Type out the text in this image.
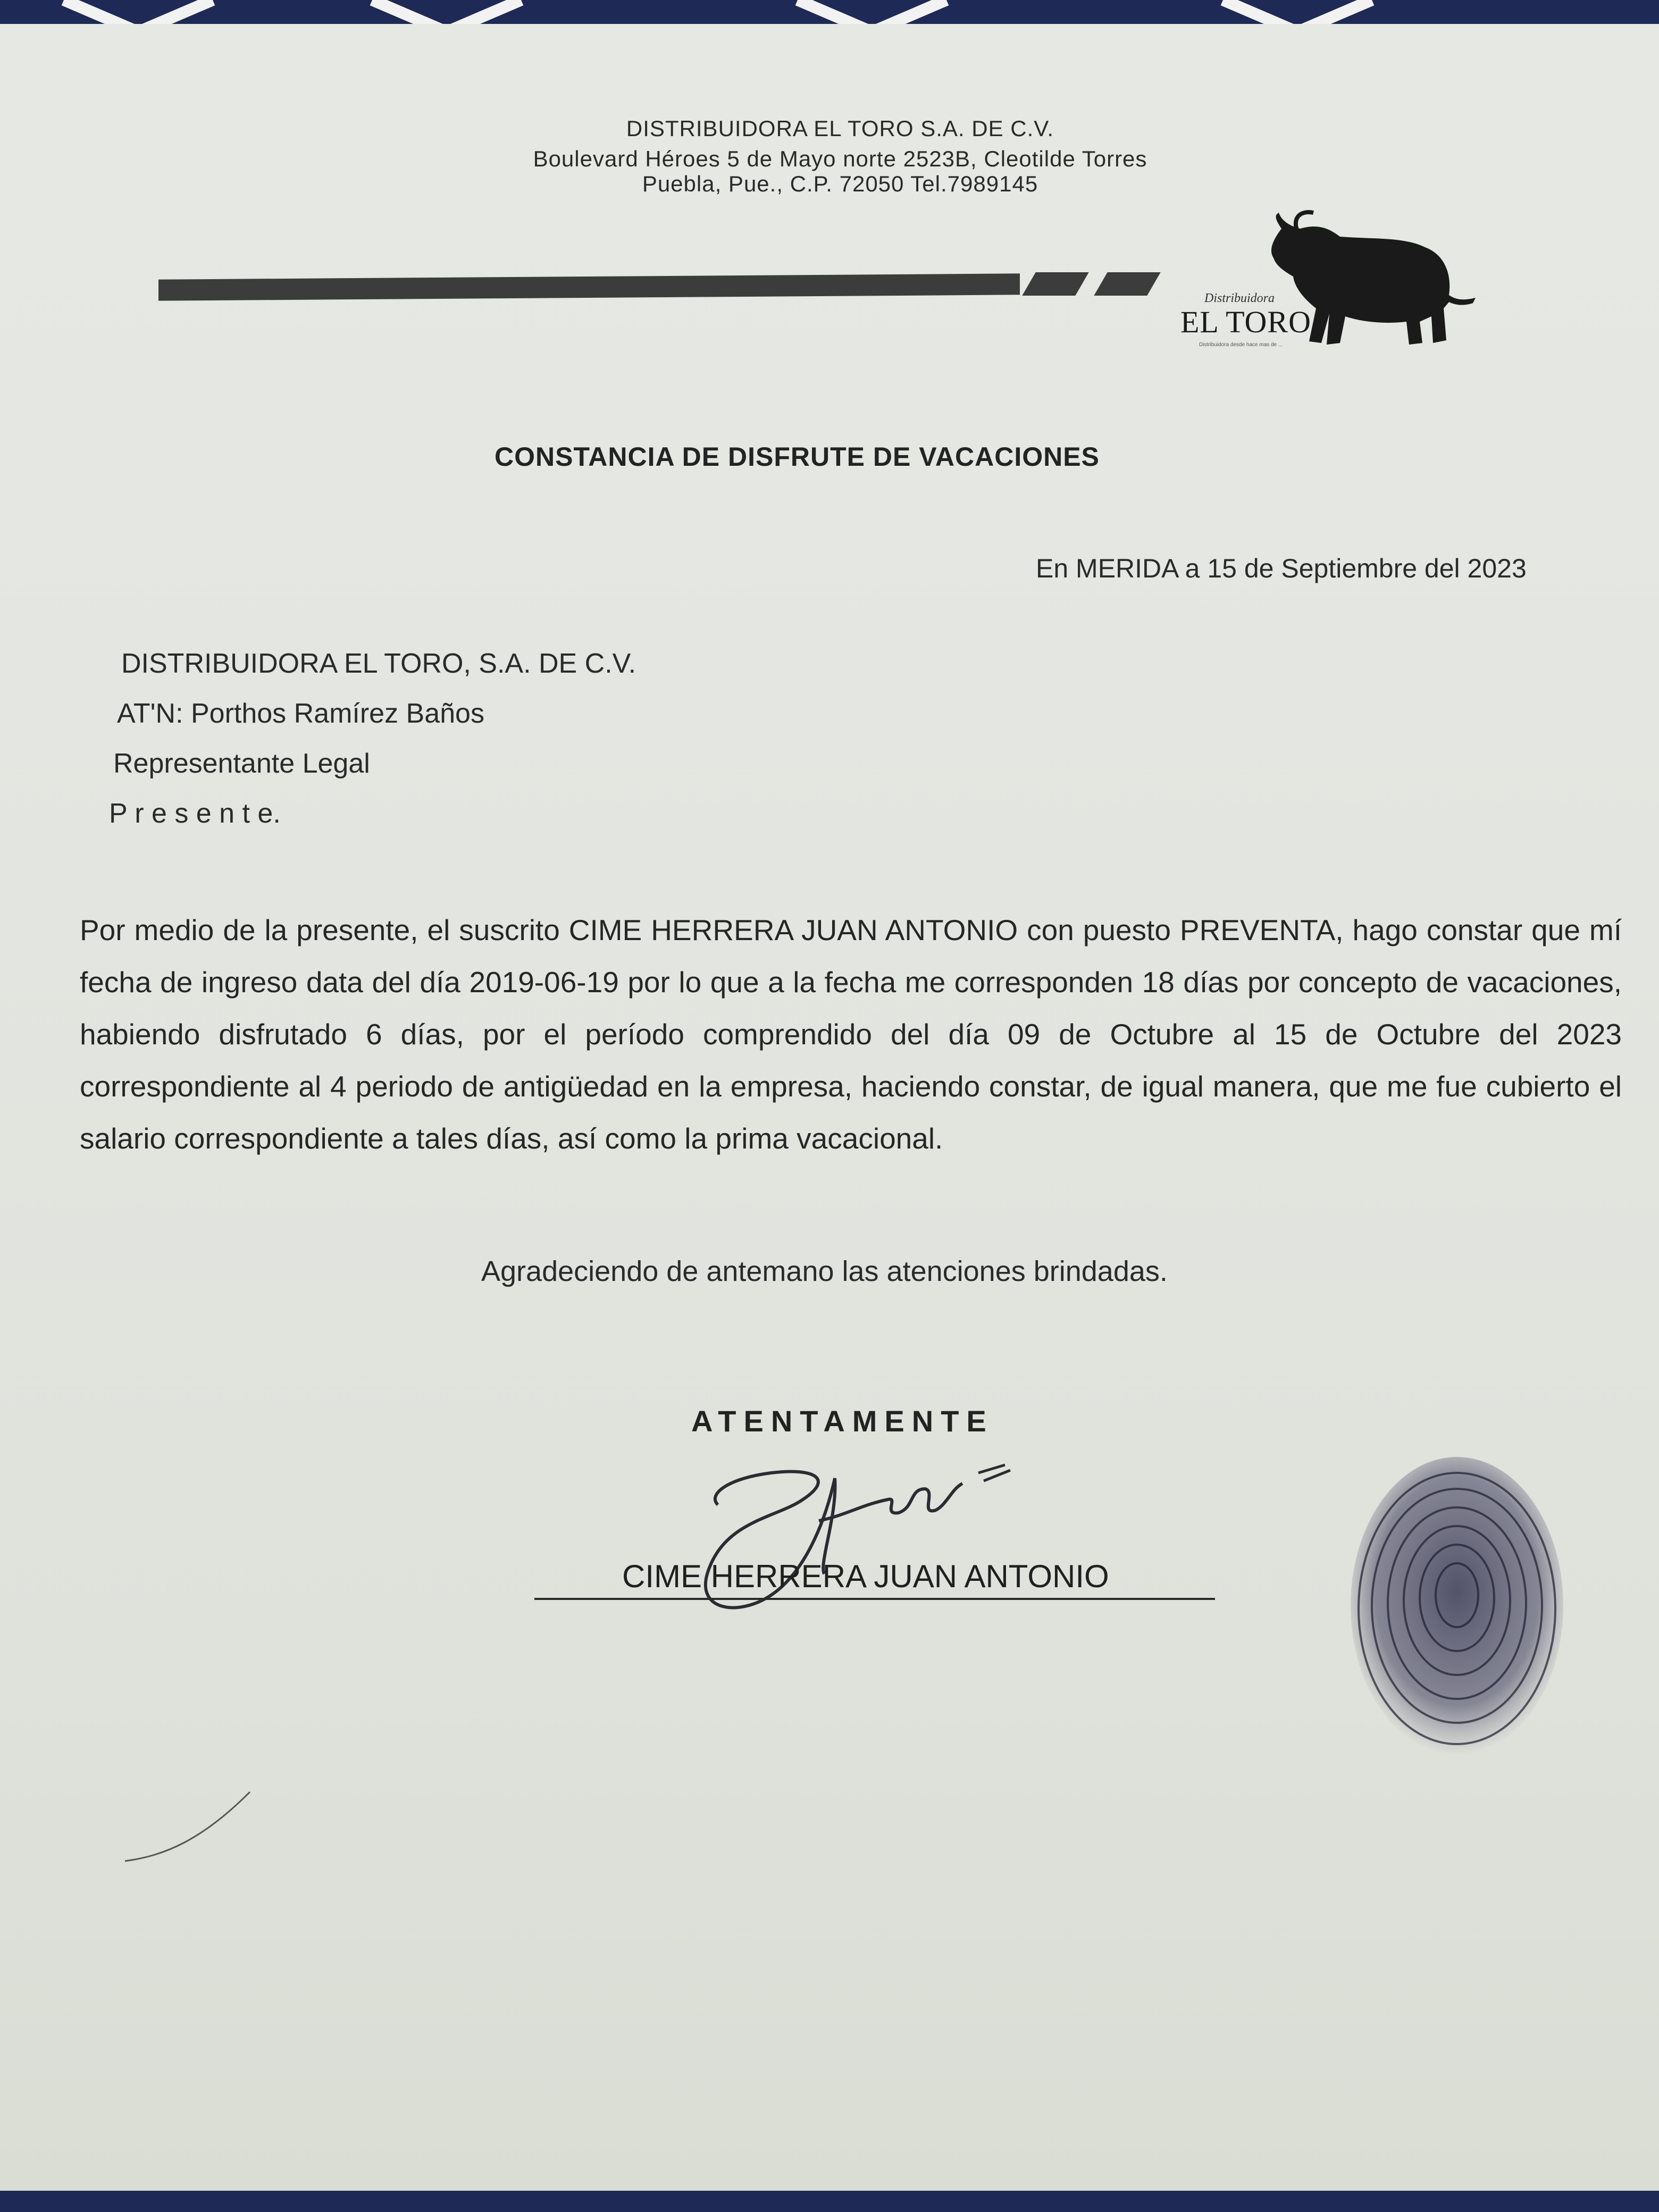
DISTRIBUIDORA EL TORO S.A. DE C.V.
Boulevard Héroes 5 de Mayo norte 2523B, Cleotilde Torres
Puebla, Pue., C.P. 72050 Tel.7989145
Distribuidora
EL TORO
Distribuidora desde hace mas de ...
CONSTANCIA DE DISFRUTE DE VACACIONES
En MERIDA a 15 de Septiembre del 2023
DISTRIBUIDORA EL TORO, S.A. DE C.V.
AT'N: Porthos Ramírez Baños
Representante Legal
P r e s e n t e.
Por medio de la presente, el suscrito CIME HERRERA JUAN ANTONIO con puesto PREVENTA, hago constar que mí fecha de ingreso data del día 2019-06-19 por lo que a la fecha me corresponden 18 días por concepto de vacaciones, habiendo disfrutado 6 días, por el período comprendido del día 09 de Octubre al 15 de Octubre del 2023 correspondiente al 4 periodo de antigüedad en la empresa, haciendo constar, de igual manera, que me fue cubierto el salario correspondiente a tales días, así como la prima vacacional.
Agradeciendo de antemano las atenciones brindadas.
ATENTAMENTE
CIME HERRERA JUAN ANTONIO
